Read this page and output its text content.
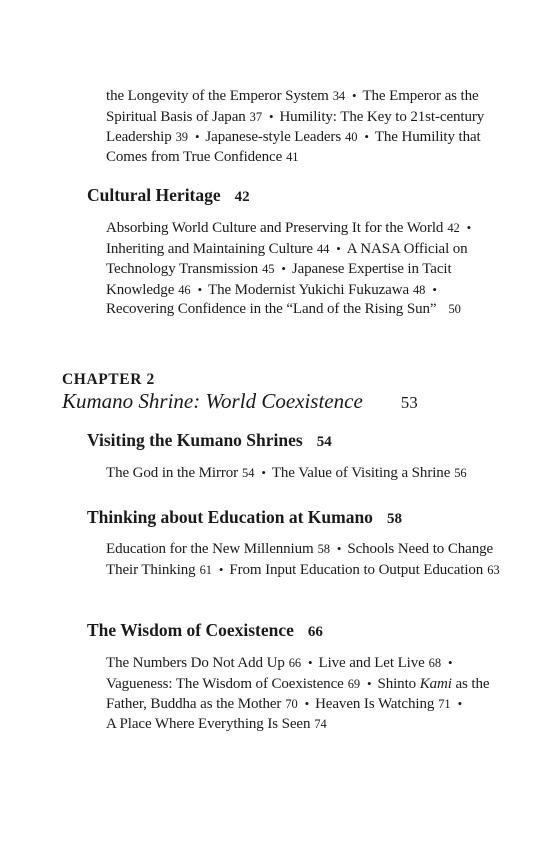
the Longevity of the Emperor System 34 • The Emperor as the Spiritual Basis of Japan 37 • Humility: The Key to 21st-century Leadership 39 • Japanese-style Leaders 40 • The Humility that Comes from True Confidence 41

Cultural Heritage 42

Absorbing World Culture and Preserving It for the World 42 •Inheriting and Maintaining Culture 44 • A NASA Official on Technology Transmission 45 • Japanese Expertise in Tacit Knowledge 46 • The Modernist Yukichi Fukuzawa 48 •Recovering Confidence in the “Land of the Rising Sun” 50

CHAPTER 2
Kumano Shrine: World Coexistence 53
Visiting the Kumano Shrines 54

The God in the Mirror 54 • The Value of Visiting a Shrine 56

Thinking about Education at Kumano 58

Education for the New Millennium 58 • Schools Need to Change Their Thinking 61 • From Input Education to Output Education 63

The Wisdom of Coexistence 66

The Numbers Do Not Add Up 66 • Live and Let Live 68 •Vagueness: The Wisdom of Coexistence 69 • Shinto Kami as the Father, Buddha as the Mother 70 • Heaven Is Watching 71 •A Place Where Everything Is Seen 74
